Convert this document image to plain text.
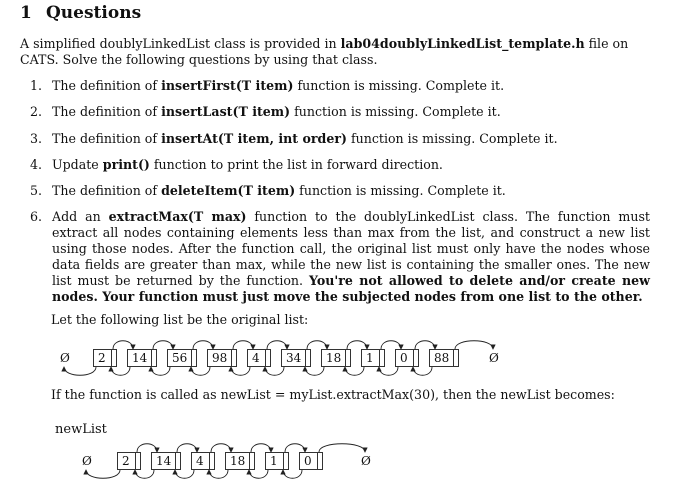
1 Questions
A simplified doublyLinkedList class is provided in lab04doublyLinkedList_template.h file on CATS. Solve the following questions by using that class.
1. The definition of insertFirst(T item) function is missing. Complete it.
2. The definition of insertLast(T item) function is missing. Complete it.
3. The definition of insertAt(T item, int order) function is missing. Complete it.
4. Update print() function to print the list in forward direction.
5. The definition of deleteItem(T item) function is missing. Complete it.
6. Add an extractMax(T max) function to the doublyLinkedList class. The function must extract all nodes containing elements less than max from the list, and construct a new list using those nodes. After the function call, the original list must only have the nodes whose data fields are greater than max, while the new list is containing the smaller ones. The new list must be returned by the function. You're not allowed to delete and/or create new nodes. Your function must just move the subjected nodes from one list to the other.
Let the following list be the original list:
Ø	2	14	56	98	4	34	18	1	0	88	Ø
If the function is called as newList = myList.extractMax(30), then the newList becomes:
newList
Ø	2	14	4	18	1	0	Ø
